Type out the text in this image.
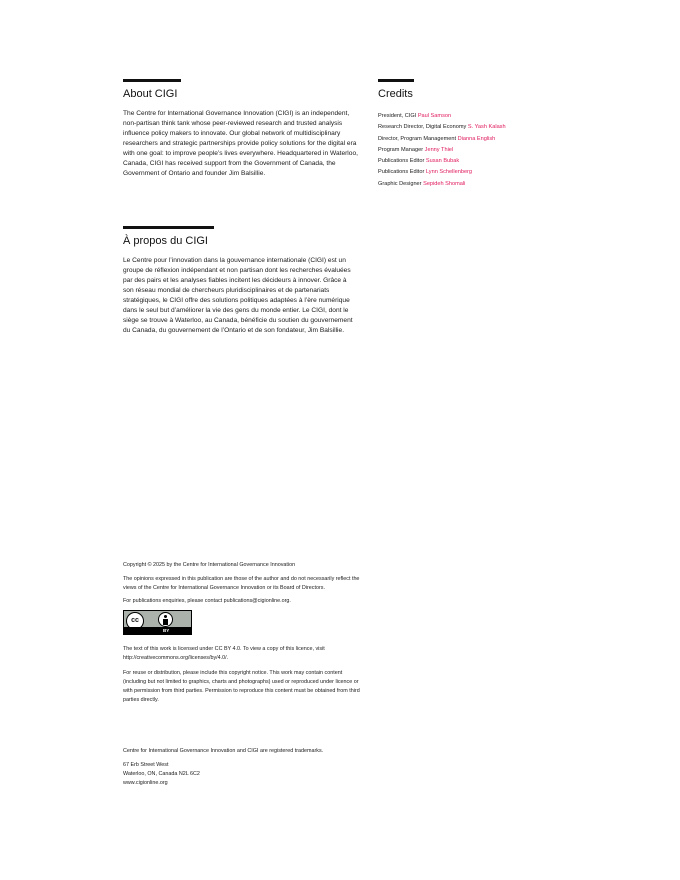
About CIGI

The Centre for International Governance Innovation (CIGI) is an independent, non-partisan think tank whose peer-reviewed research and trusted analysis influence policy makers to innovate. Our global network of multidisciplinary researchers and strategic partnerships provide policy solutions for the digital era with one goal: to improve people’s lives everywhere. Headquartered in Waterloo, Canada, CIGI has received support from the Government of Canada, the Government of Ontario and founder Jim Balsillie.

Credits
President, CIGI Paul Samson
Research Director, Digital Economy S. Yash Kalash
Director, Program Management Dianna English
Program Manager Jenny Thiel
Publications Editor Susan Bubak
Publications Editor Lynn Schellenberg
Graphic Designer Sepideh Shomali
À propos du CIGI

Le Centre pour l’innovation dans la gouvernance internationale (CIGI) est un groupe de réflexion indépendant et non partisan dont les recherches évaluées par des pairs et les analyses fiables incitent les décideurs à innover. Grâce à son réseau mondial de chercheurs pluridisciplinaires et de partenariats stratégiques, le CIGI offre des solutions politiques adaptées à l’ère numérique dans le seul but d’améliorer la vie des gens du monde entier. Le CIGI, dont le siège se trouve à Waterloo, au Canada, bénéficie du soutien du gouvernement du Canada, du gouvernement de l’Ontario et de son fondateur, Jim Balsillie.

Copyright © 2025 by the Centre for International Governance Innovation

The opinions expressed in this publication are those of the author and do not necessarily reflect the views of the Centre for International Governance Innovation or its Board of Directors.

For publications enquiries, please contact publications@cigionline.org.

cc
BY

The text of this work is licensed under CC BY 4.0. To view a copy of this licence, visit http://creativecommons.org/licenses/by/4.0/.

For reuse or distribution, please include this copyright notice. This work may contain content (including but not limited to graphics, charts and photographs) used or reproduced under licence or with permission from third parties. Permission to reproduce this content must be obtained from third parties directly.

Centre for International Governance Innovation and CIGI are registered trademarks.

67 Erb Street West
Waterloo, ON, Canada N2L 6C2
www.cigionline.org
